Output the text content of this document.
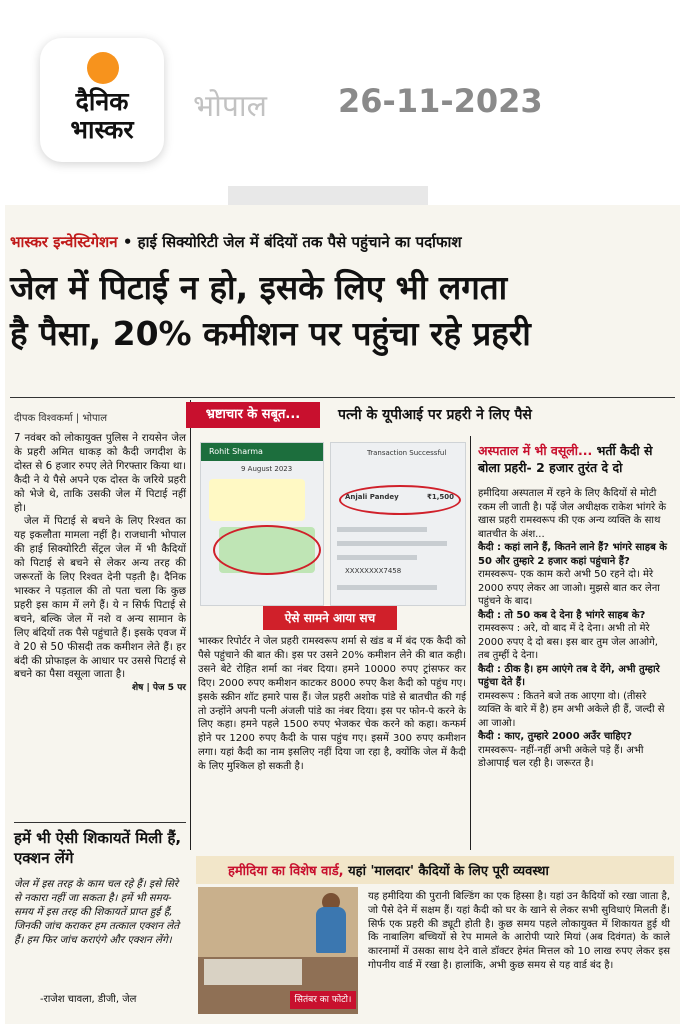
दैनिक
भास्कर
भोपाल 26-11-2023
भास्कर इन्वेस्टिगेशन • हाई सिक्योरिटी जेल में बंदियों तक पैसे पहुंचाने का पर्दाफाश
जेल में पिटाई न हो, इसके लिए भी लगता
है पैसा, 20% कमीशन पर पहुंचा रहे प्रहरी
दीपक विश्वकर्मा | भोपाल

7 नवंबर को लोकायुक्त पुलिस ने रायसेन जेल के प्रहरी अमित धाकड़ को कैदी जगदीश के दोस्त से 6 हजार रुपए लेते गिरफ्तार किया था। कैदी ने ये पैसे अपने एक दोस्त के जरिये प्रहरी को भेजे थे, ताकि उसकी जेल में पिटाई नहीं हो।

जेल में पिटाई से बचने के लिए रिश्वत का यह इकलौता मामला नहीं है। राजधानी भोपाल की हाई सिक्योरिटी सेंट्रल जेल में भी कैदियों को पिटाई से बचने से लेकर अन्य तरह की जरूरतों के लिए रिश्वत देनी पड़ती है। दैनिक भास्कर ने पड़ताल की तो पता चला कि कुछ प्रहरी इस काम में लगे हैं। ये न सिर्फ पिटाई से बचने, बल्कि जेल में नशे व अन्य सामान के लिए बंदियों तक पैसे पहुंचाते हैं। इसके एवज में वे 20 से 50 फीसदी तक कमीशन लेते हैं। हर बंदी की प्रोफाइल के आधार पर उससे पिटाई से बचने का पैसा वसूला जाता है।

शेष | पेज 5 पर

हमें भी ऐसी शिकायतें मिली हैं, एक्शन लेंगे
जेल में इस तरह के काम चल रहे हैं। इसे सिरे से नकारा नहीं जा सकता है। हमें भी समय-समय में इस तरह की शिकायतें प्राप्त हुई हैं, जिनकी जांच कराकर हम तत्काल एक्शन लेते हैं। हम फिर जांच कराएंगे और एक्शन लेंगे।
-राजेश चावला, डीजी, जेल
भ्रष्टाचार के सबूत...	पत्नी के यूपीआई पर प्रहरी ने लिए पैसे
Rohit Sharma
9 August 2023
Transaction Successful
Anjali Pandey	₹1,500
XXXXXXXX7458
ऐसे सामने आया सच

भास्कर रिपोर्टर ने जेल प्रहरी रामस्वरूप शर्मा से खंड ब में बंद एक कैदी को पैसे पहुंचाने की बात की। इस पर उसने 20% कमीशन लेने की बात कही। उसने बेटे रोहित शर्मा का नंबर दिया। हमने 10000 रुपए ट्रांसफर कर दिए। 2000 रुपए कमीशन काटकर 8000 रुपए कैश कैदी को पहुंच गए। इसके स्क्रीन शॉट हमारे पास हैं। जेल प्रहरी अशोक पांडे से बातचीत की गई तो उन्होंने अपनी पत्नी अंजली पांडे का नंबर दिया। इस पर फोन-पे करने के लिए कहा। हमने पहले 1500 रुपए भेजकर चेक करने को कहा। कन्फर्म होने पर 1200 रुपए कैदी के पास पहुंच गए। इसमें 300 रुपए कमीशन लगा। यहां कैदी का नाम इसलिए नहीं दिया जा रहा है, क्योंकि जेल में कैदी के लिए मुश्किल हो सकती है।

अस्पताल में भी वसूली... भर्ती कैदी से बोला प्रहरी- 2 हजार तुरंत दे दो

हमीदिया अस्पताल में रहने के लिए कैदियों से मोटी रकम ली जाती है। पढ़ें जेल अधीक्षक राकेश भांगरे के खास प्रहरी रामस्वरूप की एक अन्य व्यक्ति के साथ बातचीत के अंश...

कैदी : कहां लाने हैं, कितने लाने हैं? भांगरे साहब के 50 और तुम्हारे 2 हजार कहां पहुंचाने हैं?

रामस्वरूप- एक काम करो अभी 50 रहने दो। मेरे 2000 रुपए लेकर आ जाओ। मुझसे बात कर लेना पहुंचने के बाद।

कैदी : तो 50 कब दे देना है भांगरे साहब के?

रामस्वरूप : अरे, वो बाद में दे देना। अभी तो मेरे 2000 रुपए दे दो बस। इस बार तुम जेल आओगे, तब तुम्हीं दे देना।

कैदी : ठीक है। हम आएंगे तब दे देंगे, अभी तुम्हारे पहुंचा देते हैं।

रामस्वरूप : कितने बजे तक आएगा वो। (तीसरे व्यक्ति के बारे में है) हम अभी अकेले ही हैं, जल्दी से आ जाओ।

कैदी : काए, तुम्हारे 2000 अउँर चाहिए?

रामस्वरूप- नहीं-नहीं अभी अकेले पड़े हैं। अभी डोआपाई चल रही है। जरूरत है।

हमीदिया का विशेष वार्ड, यहां 'मालदार' कैदियों के लिए पूरी व्यवस्था
सितंबर का फोटो।
यह हमीदिया की पुरानी बिल्डिंग का एक हिस्सा है। यहां उन कैदियों को रखा जाता है, जो पैसे देने में सक्षम हैं। यहां कैदी को घर के खाने से लेकर सभी सुविधाएं मिलती हैं। सिर्फ एक प्रहरी की ड्यूटी होती है। कुछ समय पहले लोकायुक्त में शिकायत हुई थी कि नाबालिग बच्चियों से रेप मामले के आरोपी प्यारे मियां (अब दिवंगत) के काले कारनामों में उसका साथ देने वाले डॉक्टर हेमंत मित्तल को 10 लाख रुपए लेकर इस गोपनीय वार्ड में रखा है। हालांकि, अभी कुछ समय से यह वार्ड बंद है।
